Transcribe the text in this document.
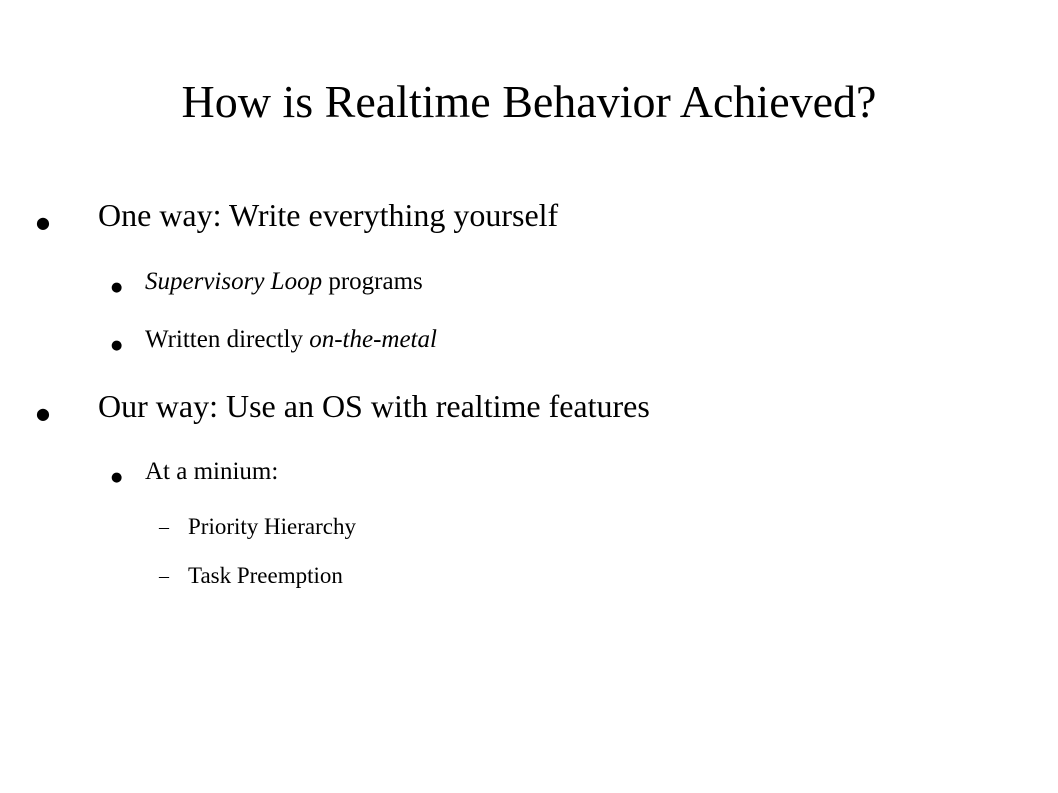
How is Realtime Behavior Achieved?
● One way: Write everything yourself
● Supervisory Loop programs
● Written directly on-the-metal
● Our way: Use an OS with realtime features
● At a minium:
– Priority Hierarchy
– Task Preemption
